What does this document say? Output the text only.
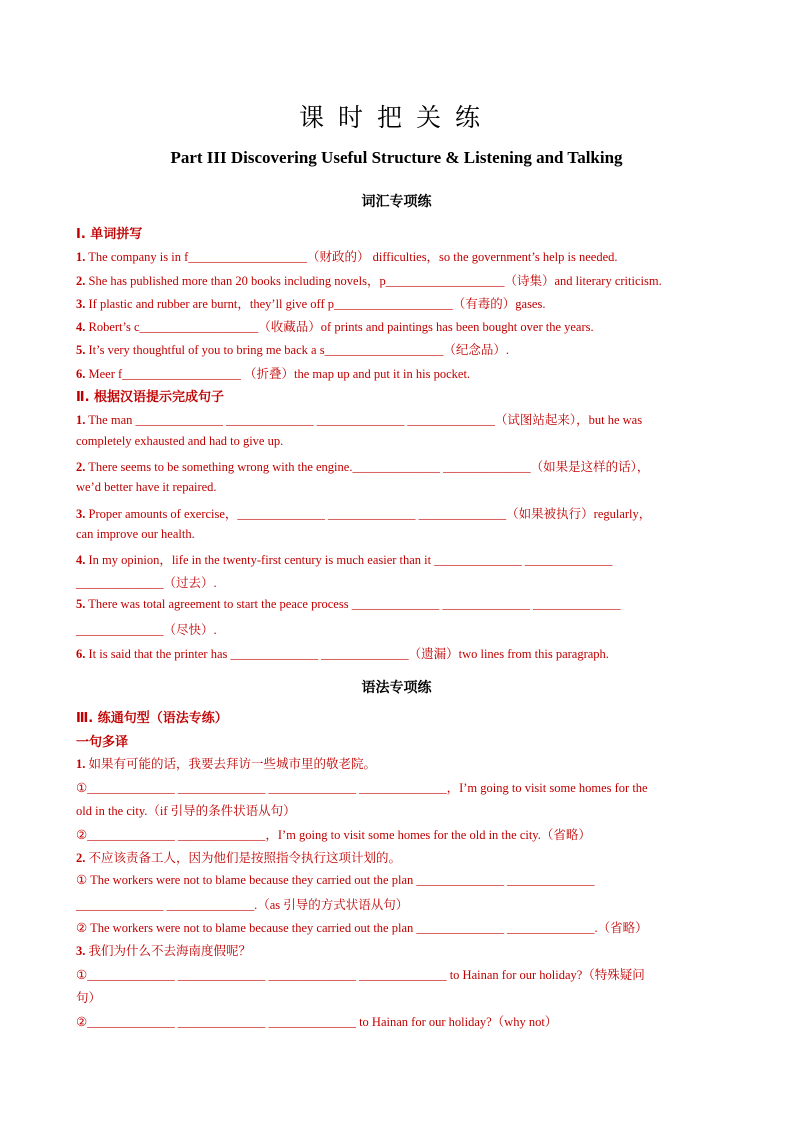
课时把关练
Part III Discovering Useful Structure & Listening and Talking
词汇专项练
Ⅰ. 单词拼写
1. The company is in f___________________（财政的） difficulties，so the government’s help is needed.
2. She has published more than 20 books including novels，p___________________（诗集）and literary criticism.
3. If plastic and rubber are burnt，they’ll give off p___________________（有毒的）gases.
4. Robert’s c___________________（收藏品）of prints and paintings has been bought over the years.
5. It’s very thoughtful of you to bring me back a s___________________（纪念品）.
6. Meer f___________________ （折叠）the map up and put it in his pocket.
Ⅱ. 根据汉语提示完成句子
1. The man ______________ ______________ ______________ ______________（试图站起来），but he was
completely exhausted and had to give up.
2. There seems to be something wrong with the engine.______________ ______________（如果是这样的话），
we’d better have it repaired.
3. Proper amounts of exercise，______________ ______________ ______________（如果被执行）regularly，
can improve our health.
4. In my opinion，life in the twenty-first century is much easier than it ______________ ______________
______________（过去）.
5. There was total agreement to start the peace process ______________ ______________ ______________
______________（尽快）.
6. It is said that the printer has ______________ ______________（遗漏）two lines from this paragraph.
语法专项练
Ⅲ. 练通句型（语法专练）
一句多译
1. 如果有可能的话，我要去拜访一些城市里的敬老院。
①______________ ______________ ______________ ______________，I’m going to visit some homes for the
old in the city.（if 引导的条件状语从句）
②______________ ______________，I’m going to visit some homes for the old in the city.（省略）
2. 不应该责备工人，因为他们是按照指令执行这项计划的。
① The workers were not to blame because they carried out the plan ______________ ______________
______________ ______________.（as 引导的方式状语从句）
② The workers were not to blame because they carried out the plan ______________ ______________.（省略）
3. 我们为什么不去海南度假呢？
①______________ ______________ ______________ ______________ to Hainan for our holiday?（特殊疑问
句）
②______________ ______________ ______________ to Hainan for our holiday?（why not）
